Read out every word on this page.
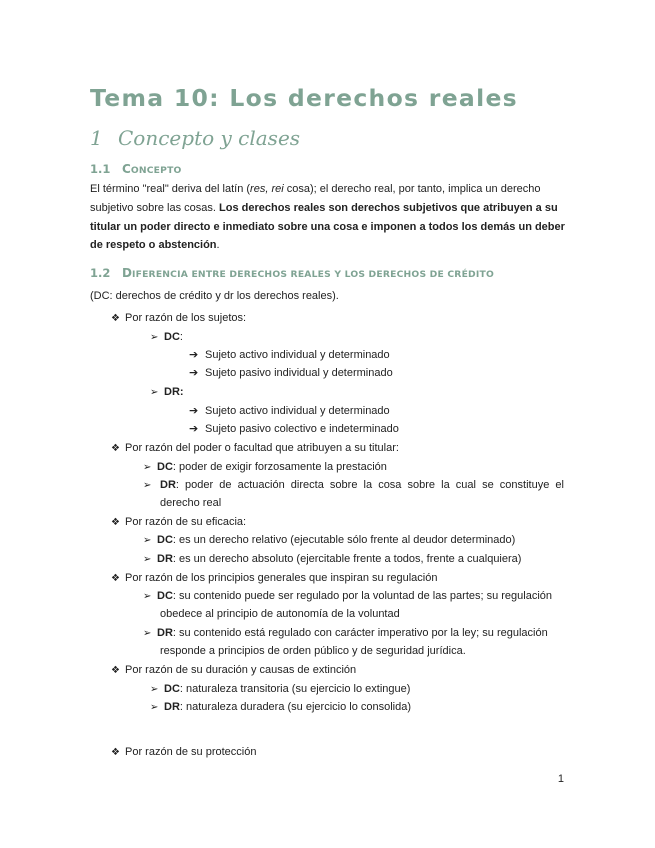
Tema 10: Los derechos reales
1 Concepto y clases
1.1 CONCEPTO
El término "real" deriva del latín (res, rei cosa); el derecho real, por tanto, implica un derecho subjetivo sobre las cosas. Los derechos reales son derechos subjetivos que atribuyen a su titular un poder directo e inmediato sobre una cosa e imponen a todos los demás un deber de respeto o abstención.
1.2 DIFERENCIA ENTRE DERECHOS REALES Y LOS DERECHOS DE CRÉDITO
(DC: derechos de crédito y dr los derechos reales).
❖ Por razón de los sujetos:
➢ DC:
➔ Sujeto activo individual y determinado
➔ Sujeto pasivo individual y determinado
➢ DR:
➔ Sujeto activo individual y determinado
➔ Sujeto pasivo colectivo e indeterminado
❖ Por razón del poder o facultad que atribuyen a su titular:
➢ DC: poder de exigir forzosamente la prestación
➢ DR: poder de actuación directa sobre la cosa sobre la cual se constituye el
derecho real
❖ Por razón de su eficacia:
➢ DC: es un derecho relativo (ejecutable sólo frente al deudor determinado)
➢ DR: es un derecho absoluto (ejercitable frente a todos, frente a cualquiera)
❖ Por razón de los principios generales que inspiran su regulación
➢ DC: su contenido puede ser regulado por la voluntad de las partes; su regulación
obedece al principio de autonomía de la voluntad
➢ DR: su contenido está regulado con carácter imperativo por la ley; su regulación
responde a principios de orden público y de seguridad jurídica.
❖ Por razón de su duración y causas de extinción
➢ DC: naturaleza transitoria (su ejercicio lo extingue)
➢ DR: naturaleza duradera (su ejercicio lo consolida)
❖ Por razón de su protección
1
